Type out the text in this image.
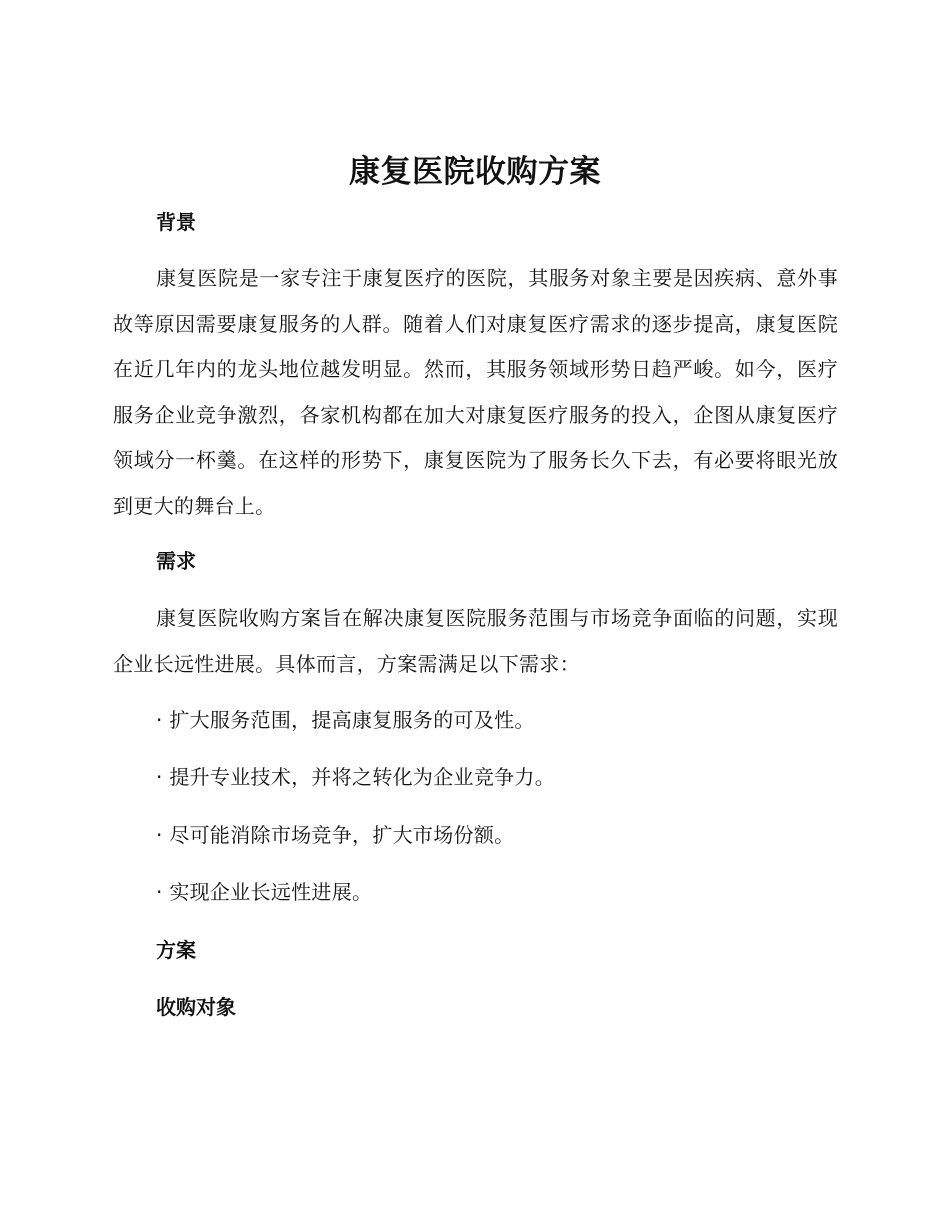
康复医院收购方案
背景

康复医院是一家专注于康复医疗的医院，其服务对象主要是因疾病、意外事故等原因需要康复服务的人群。随着人们对康复医疗需求的逐步提高，康复医院在近几年内的龙头地位越发明显。然而，其服务领域形势日趋严峻。如今，医疗服务企业竞争激烈，各家机构都在加大对康复医疗服务的投入，企图从康复医疗领域分一杯羹。在这样的形势下，康复医院为了服务长久下去，有必要将眼光放到更大的舞台上。

需求

康复医院收购方案旨在解决康复医院服务范围与市场竞争面临的问题，实现企业长远性进展。具体而言，方案需满足以下需求：

· 扩大服务范围，提高康复服务的可及性。

· 提升专业技术，并将之转化为企业竞争力。

· 尽可能消除市场竞争，扩大市场份额。

· 实现企业长远性进展。

方案
收购对象
